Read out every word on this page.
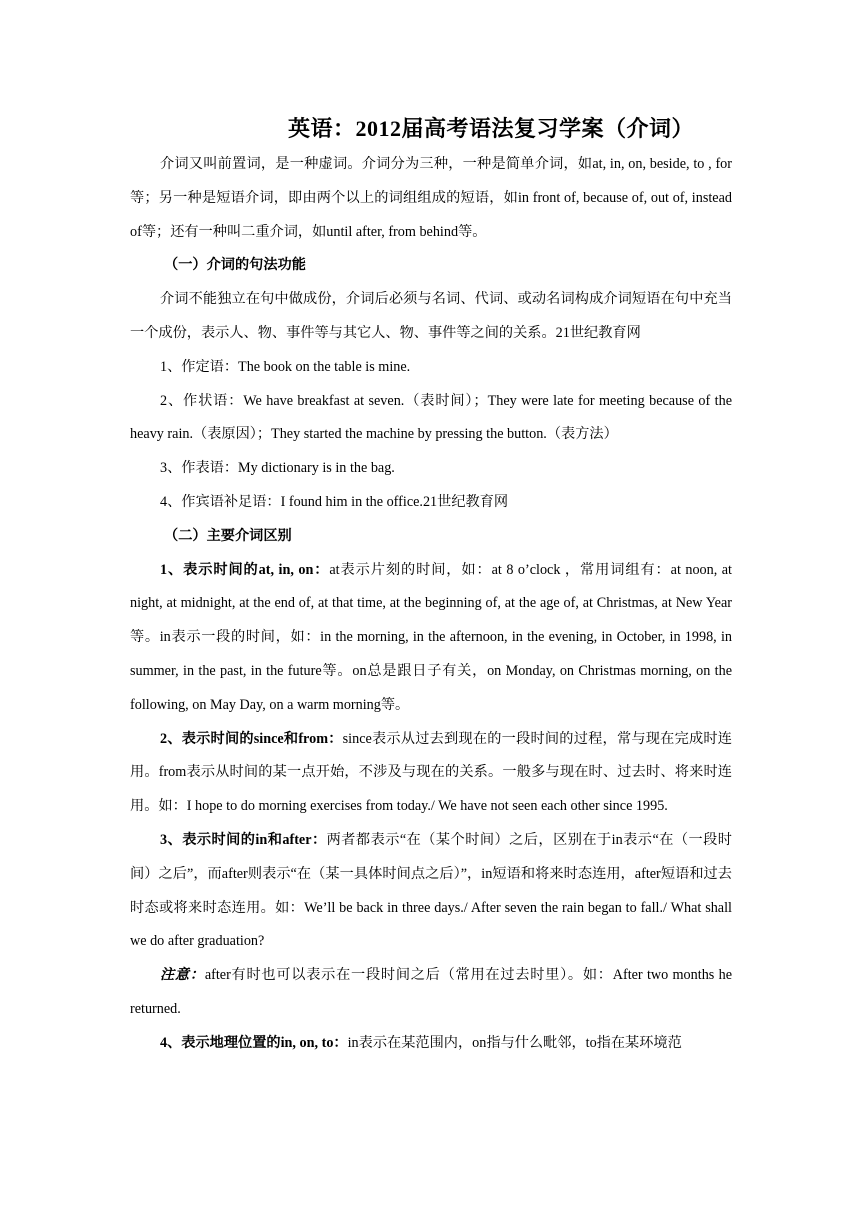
英语：2012届高考语法复习学案（介词）

介词又叫前置词，是一种虚词。介词分为三种，一种是简单介词，如at, in, on, beside, to , for等；另一种是短语介词，即由两个以上的词组组成的短语，如in front of, because of, out of, instead of等；还有一种叫二重介词，如until after, from behind等。

（一）介词的句法功能

介词不能独立在句中做成份，介词后必须与名词、代词、或动名词构成介词短语在句中充当一个成份，表示人、物、事件等与其它人、物、事件等之间的关系。21世纪教育网

1、作定语：The book on the table is mine.

2、作状语：We have breakfast at seven.（表时间）；They were late for meeting because of the heavy rain.（表原因）；They started the machine by pressing the button.（表方法）

3、作表语：My dictionary is in the bag.

4、作宾语补足语：I found him in the office.21世纪教育网

（二）主要介词区别

1、表示时间的at, in, on：at表示片刻的时间，如：at 8 o’clock ，常用词组有：at noon, at night, at midnight, at the end of, at that time, at the beginning of, at the age of, at Christmas, at New Year等。in表示一段的时间，如：in the morning, in the afternoon, in the evening, in October, in 1998, in summer, in the past, in the future等。on总是跟日子有关，on Monday, on Christmas morning, on the following, on May Day, on a warm morning等。

2、表示时间的since和from：since表示从过去到现在的一段时间的过程，常与现在完成时连用。from表示从时间的某一点开始，不涉及与现在的关系。一般多与现在时、过去时、将来时连用。如：I hope to do morning exercises from today./ We have not seen each other since 1995.

3、表示时间的in和after：两者都表示“在（某个时间）之后，区别在于in表示“在（一段时间）之后”，而after则表示“在（某一具体时间点之后）”，in短语和将来时态连用，after短语和过去时态或将来时态连用。如：We’ll be back in three days./ After seven the rain began to fall./ What shall we do after graduation?

注意：after有时也可以表示在一段时间之后（常用在过去时里）。如：After two months he returned.

4、表示地理位置的in, on, to：in表示在某范围内，on指与什么毗邻，to指在某环境范
